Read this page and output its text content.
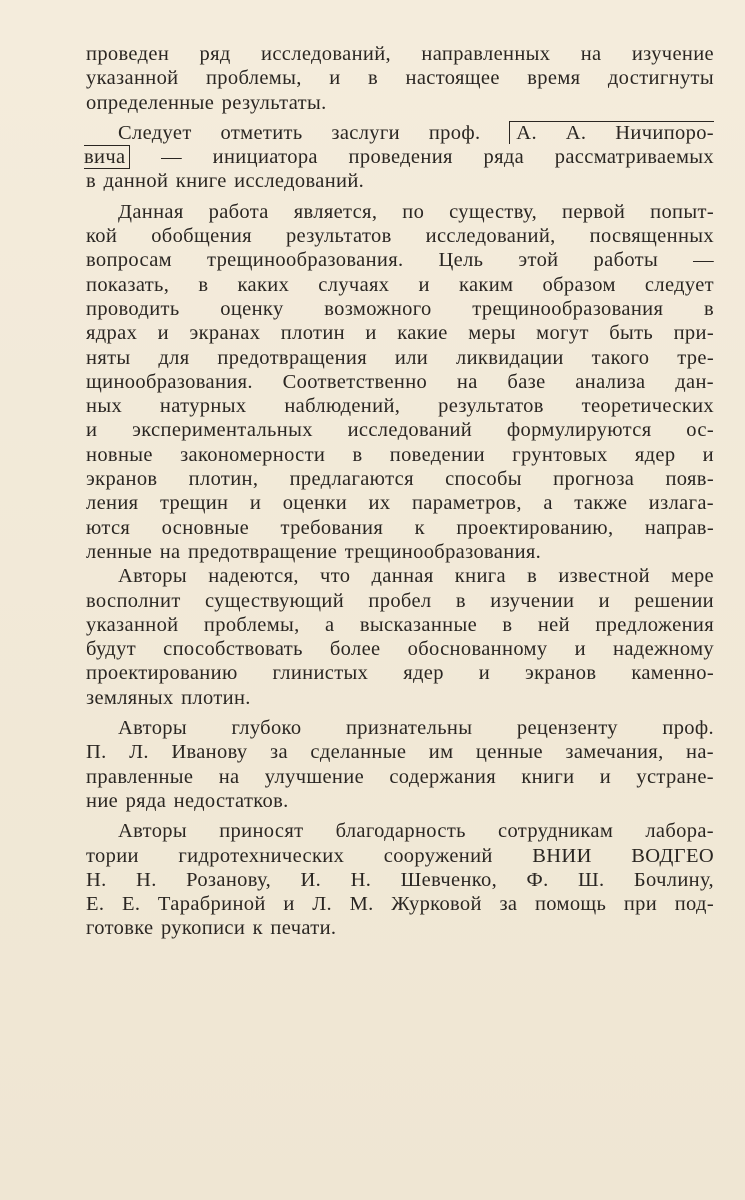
проведен ряд исследований, направленных на изучение
указанной проблемы, и в настоящее время достигнуты
определенные результаты.

Следует отметить заслуги проф. А. А. Ничипоро-
вича — инициатора проведения ряда рассматриваемых
в данной книге исследований.

Данная работа является, по существу, первой попыт-
кой обобщения результатов исследований, посвященных
вопросам трещинообразования. Цель этой работы —
показать, в каких случаях и каким образом следует
проводить оценку возможного трещинообразования в
ядрах и экранах плотин и какие меры могут быть при-
няты для предотвращения или ликвидации такого тре-
щинообразования. Соответственно на базе анализа дан-
ных натурных наблюдений, результатов теоретических
и экспериментальных исследований формулируются ос-
новные закономерности в поведении грунтовых ядер и
экранов плотин, предлагаются способы прогноза появ-
ления трещин и оценки их параметров, а также излага-
ются основные требования к проектированию, направ-
ленные на предотвращение трещинообразования.

Авторы надеются, что данная книга в известной мере
восполнит существующий пробел в изучении и решении
указанной проблемы, а высказанные в ней предложения
будут способствовать более обоснованному и надежному
проектированию глинистых ядер и экранов каменно-
земляных плотин.

Авторы глубоко признательны рецензенту проф.
П. Л. Иванову за сделанные им ценные замечания, на-
правленные на улучшение содержания книги и устране-
ние ряда недостатков.

Авторы приносят благодарность сотрудникам лабора-
тории гидротехнических сооружений ВНИИ ВОДГЕО
Н. Н. Розанову, И. Н. Шевченко, Ф. Ш. Бочлину,
Е. Е. Тарабриной и Л. М. Журковой за помощь при под-
готовке рукописи к печати.
